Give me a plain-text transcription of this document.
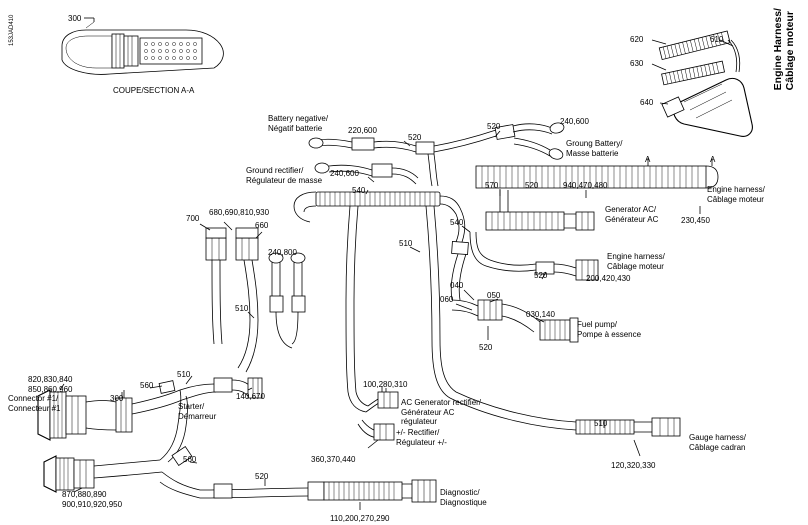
153JAD410	Engine Harness/
Câblage moteur

COUPE/SECTION A-A
300
620	610
630
640
Battery negative/
Négatif batterie	220,600
520
520
240,600
Groung Battery/
Masse batterie
Ground rectifier/
Régulateur de masse
240,600
540
570	520	940,470,480	Engine harness/
Câblage moteur
230,450
Generator AC/
Générateur AC
540
700
680,690,810,930
660
240,800
510
Engine harness/
Câblage moteur
520	200,420,430
510
040
060	050
030,140
Fuel pump/
Pompe à essence
520
820,830,840
850,860,960
Connector #1/
Connecteur #1
560
510
300	140,670
Starter/
Démarreur
100,280,310
AC Generator rectifier/
Générateur AC
régulateur
+/- Rectifier/
Régulateur +/-
360,370,440
560
520
510
Gauge harness/
Câblage cadran
120,320,330
870,880,890
900,910,920,950
110,200,270,290
Diagnostic/
Diagnostique
A	A
